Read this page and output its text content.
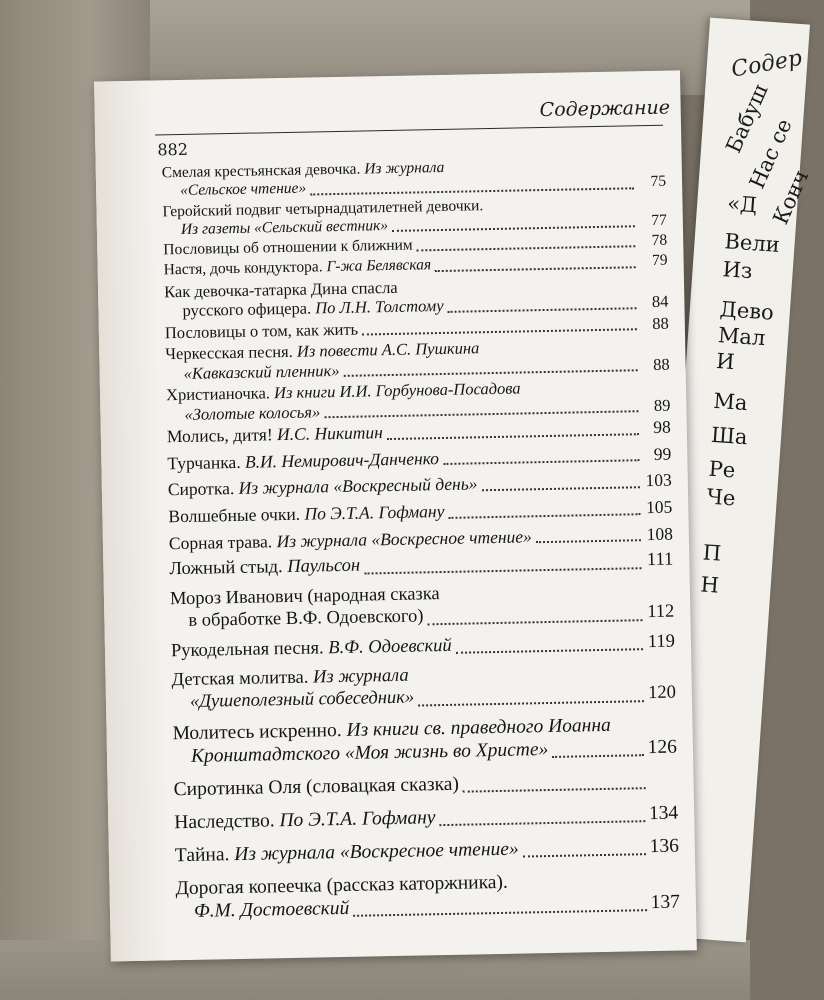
Содер
Бабуш
Нас се
Конч
«Д
Вели
Из
Дево
Мал
И
Ма
Ша
Ре
Че
П
Н
Содержание
882
Смелая крестьянская девочка. Из журнала
«Сельское чтение»	75
Геройский подвиг четырнадцатилетней девочки.
Из газеты «Сельский вестник»	77
Пословицы об отношении к ближним	78
Настя, дочь кондуктора. Г-жа Белявская	79
Как девочка-татарка Дина спасла
русского офицера. По Л.Н. Толстому	84
Пословицы о том, как жить	88
Черкесская песня. Из повести А.С. Пушкина
«Кавказский пленник»	88
Христианочка. Из книги И.И. Горбунова-Посадова
«Золотые колосья»	89
Молись, дитя! И.С. Никитин	98
Турчанка. В.И. Немирович-Данченко	99
Сиротка. Из журнала «Воскресный день»	103
Волшебные очки. По Э.Т.А. Гофману	105
Сорная трава. Из журнала «Воскресное чтение»	108
Ложный стыд. Паульсон	111
Мороз Иванович (народная сказка
в обработке В.Ф. Одоевского)	112
Рукодельная песня. В.Ф. Одоевский	119
Детская молитва. Из журнала
«Душеполезный собеседник»	120
Молитесь искренно. Из книги св. праведного Иоанна
Кронштадтского «Моя жизнь во Христе»	126
Сиротинка Оля (словацкая сказка)
Наследство. По Э.Т.А. Гофману	134
Тайна. Из журнала «Воскресное чтение»	136
Дорогая копеечка (рассказ каторжника).
Ф.М. Достоевский	137
